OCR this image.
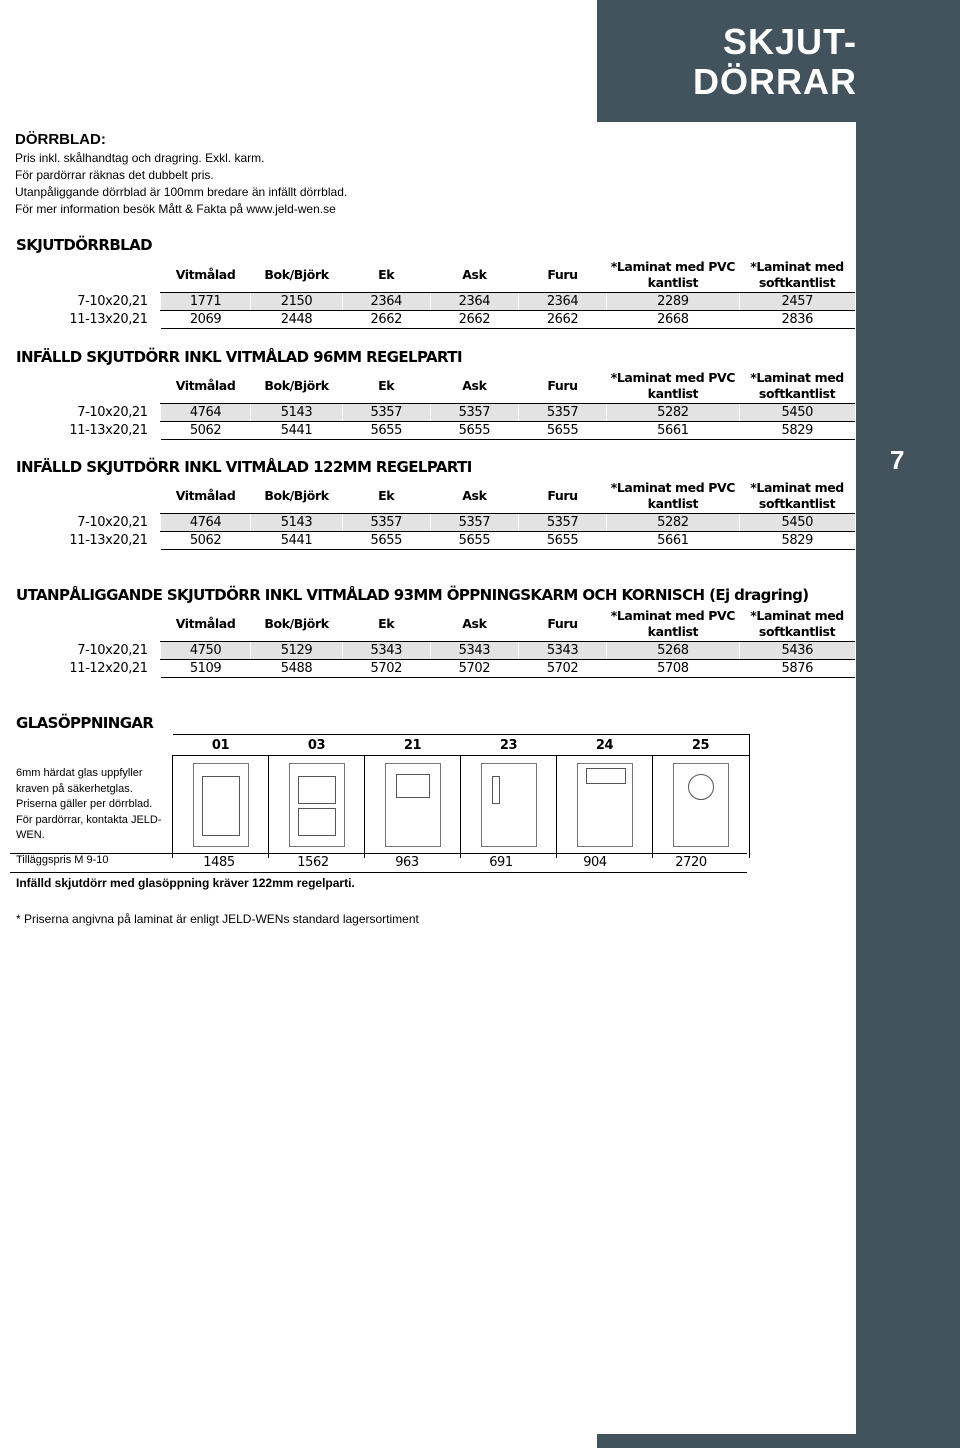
SKJUT-
DÖRRAR
7
DÖRRBLAD:
Pris inkl. skålhandtag och dragring. Exkl. karm.
För pardörrar räknas det dubbelt pris.
Utanpåliggande dörrblad är 100mm bredare än infällt dörrblad.
För mer information besök Mått & Fakta på www.jeld-wen.se
SKJUTDÖRRBLAD
	Vitmålad	Bok/Björk	Ek	Ask	Furu	*Laminat med PVC kantlist	*Laminat med softkantlist
7-10x20,21	1771	2150	2364	2364	2364	2289	2457
11-13x20,21	2069	2448	2662	2662	2662	2668	2836
INFÄLLD SKJUTDÖRR INKL VITMÅLAD 96MM REGELPARTI
	Vitmålad	Bok/Björk	Ek	Ask	Furu	*Laminat med PVC kantlist	*Laminat med softkantlist
7-10x20,21	4764	5143	5357	5357	5357	5282	5450
11-13x20,21	5062	5441	5655	5655	5655	5661	5829
INFÄLLD SKJUTDÖRR INKL VITMÅLAD 122MM REGELPARTI
	Vitmålad	Bok/Björk	Ek	Ask	Furu	*Laminat med PVC kantlist	*Laminat med softkantlist
7-10x20,21	4764	5143	5357	5357	5357	5282	5450
11-13x20,21	5062	5441	5655	5655	5655	5661	5829
UTANPÅLIGGANDE SKJUTDÖRR INKL VITMÅLAD 93MM ÖPPNINGSKARM OCH KORNISCH (Ej dragring)
	Vitmålad	Bok/Björk	Ek	Ask	Furu	*Laminat med PVC kantlist	*Laminat med softkantlist
7-10x20,21	4750	5129	5343	5343	5343	5268	5436
11-12x20,21	5109	5488	5702	5702	5702	5708	5876
GLASÖPPNINGAR
01	03	21	23	24	25

6mm härdat glas uppfyller
kraven på säkerhetglas.
Priserna gäller per dörrblad.
För pardörrar, kontakta JELD-
WEN.
Tilläggspris M 9-10	1485	1562	963	691	904	2720
Infälld skjutdörr med glasöppning kräver 122mm regelparti.
* Priserna angivna på laminat är enligt JELD-WENs standard lagersortiment
